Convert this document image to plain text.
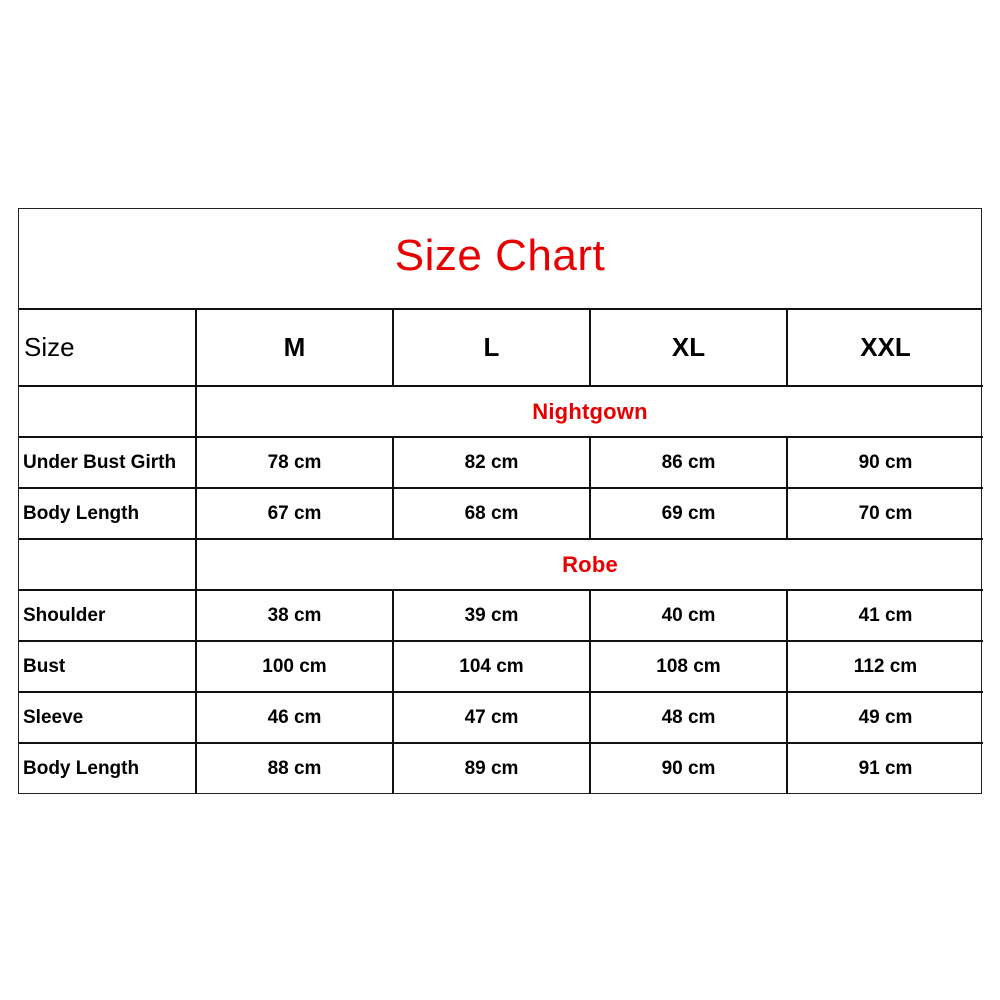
Size Chart
Size	M	L	XL	XXL
	Nightgown			
Under Bust Girth	78 cm	82 cm	86 cm	90 cm
Body Length	67 cm	68 cm	69 cm	70 cm
	Robe			
Shoulder	38 cm	39 cm	40 cm	41 cm
Bust	100 cm	104 cm	108 cm	112 cm
Sleeve	46 cm	47 cm	48 cm	49 cm
Body Length	88 cm	89 cm	90 cm	91 cm
